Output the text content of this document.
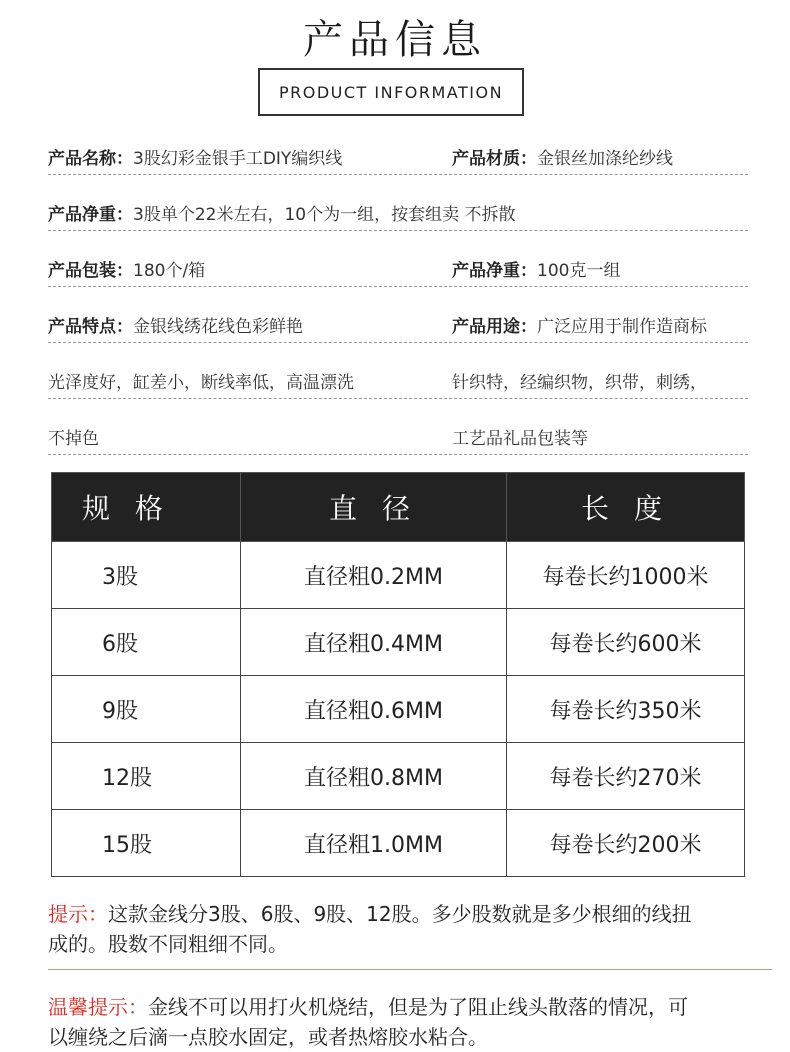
产品信息
PRODUCT INFORMATION
产品名称：3股幻彩金银手工DIY编织线	产品材质：金银丝加涤纶纱线
产品净重：3股单个22米左右，10个为一组，按套组卖 不拆散
产品包装：180个/箱	产品净重：100克一组
产品特点：金银线绣花线色彩鲜艳	产品用途：广泛应用于制作造商标
光泽度好，缸差小，断线率低，高温漂洗	针织特，经编织物，织带，刺绣，
不掉色	工艺品礼品包装等
规 格	直 径	长 度
3股	直径粗0.2MM	每卷长约1000米
6股	直径粗0.4MM	每卷长约600米
9股	直径粗0.6MM	每卷长约350米
12股	直径粗0.8MM	每卷长约270米
15股	直径粗1.0MM	每卷长约200米
提示：这款金线分3股、6股、9股、12股。多少股数就是多少根细的线扭
成的。股数不同粗细不同。
温馨提示：金线不可以用打火机烧结，但是为了阻止线头散落的情况，可
以缠绕之后滴一点胶水固定，或者热熔胶水粘合。
